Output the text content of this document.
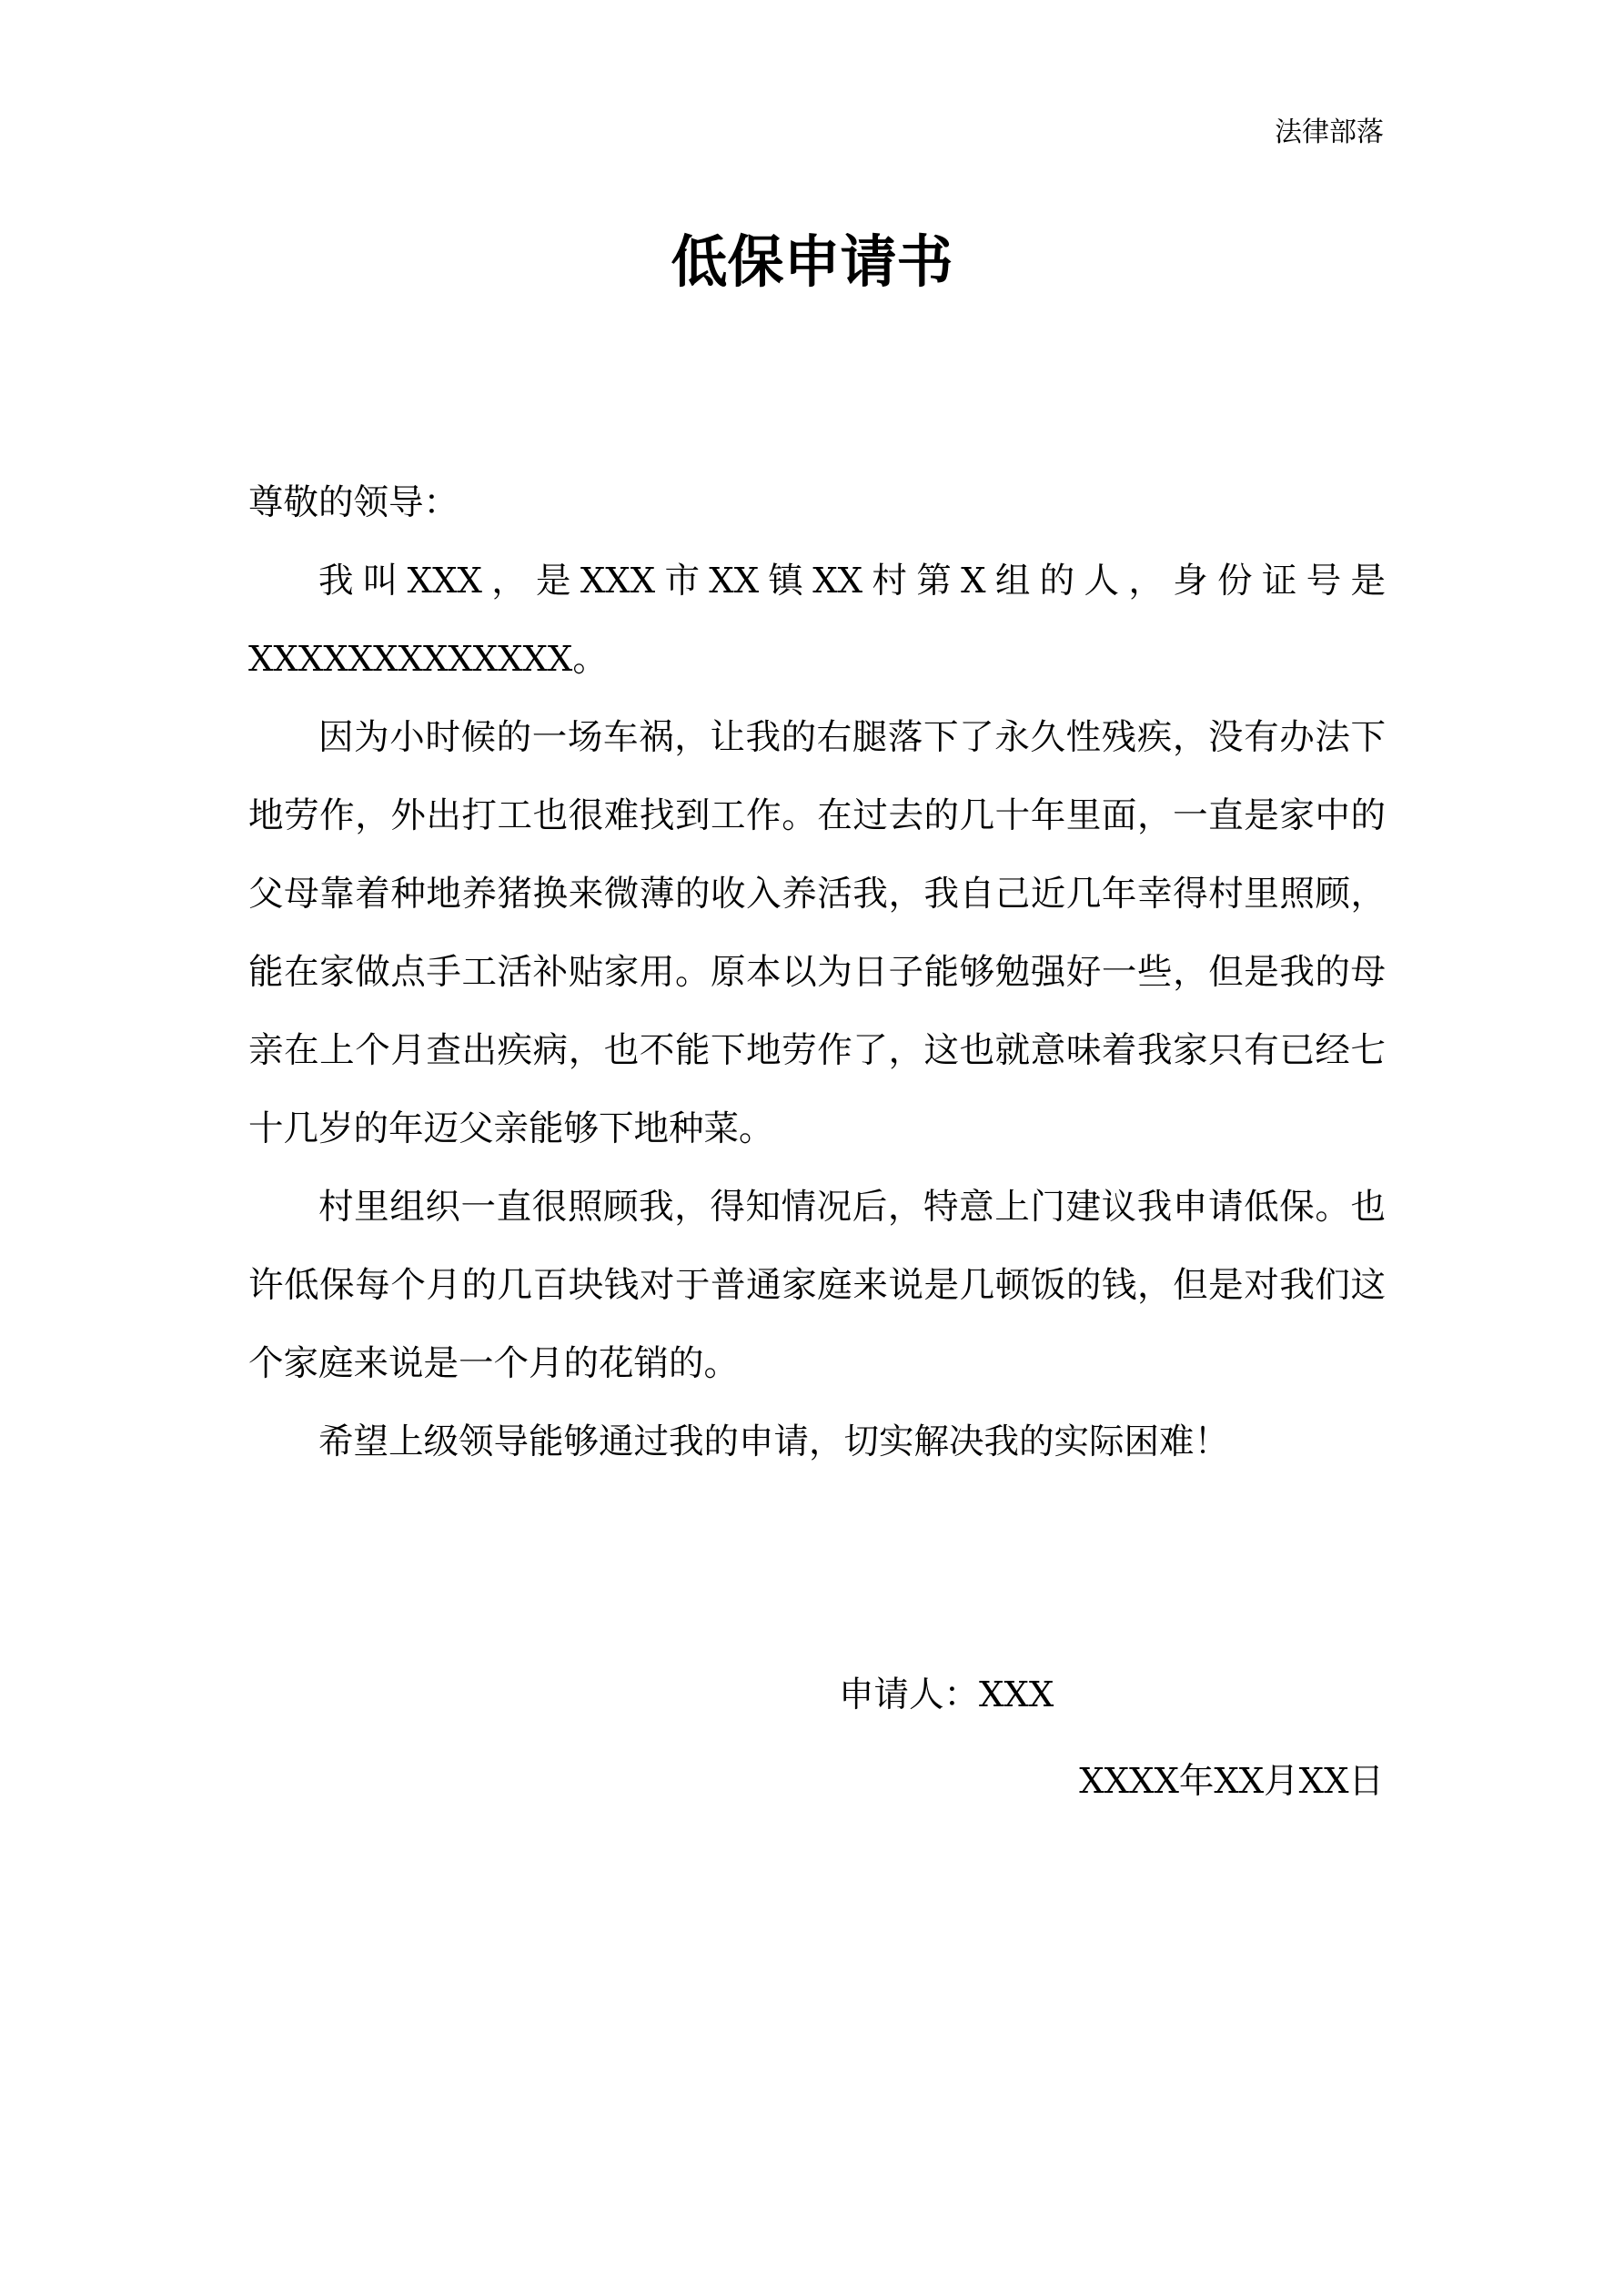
法律部落
低保申请书

尊敬的领导：

我叫XXX，是XXX市XX镇XX村第X组的人，身份证号是XXXXXXXXXXXXX。

因为小时候的一场车祸，让我的右腿落下了永久性残疾，没有办法下地劳作，外出打工也很难找到工作。在过去的几十年里面，一直是家中的父母靠着种地养猪换来微薄的收入养活我，我自己近几年幸得村里照顾，能在家做点手工活补贴家用。原本以为日子能够勉强好一些，但是我的母亲在上个月查出疾病，也不能下地劳作了，这也就意味着我家只有已经七十几岁的年迈父亲能够下地种菜。

村里组织一直很照顾我，得知情况后，特意上门建议我申请低保。也许低保每个月的几百块钱对于普通家庭来说是几顿饭的钱，但是对我们这个家庭来说是一个月的花销的。

希望上级领导能够通过我的申请，切实解决我的实际困难！

申请人：XXX
XXXX年XX月XX日
